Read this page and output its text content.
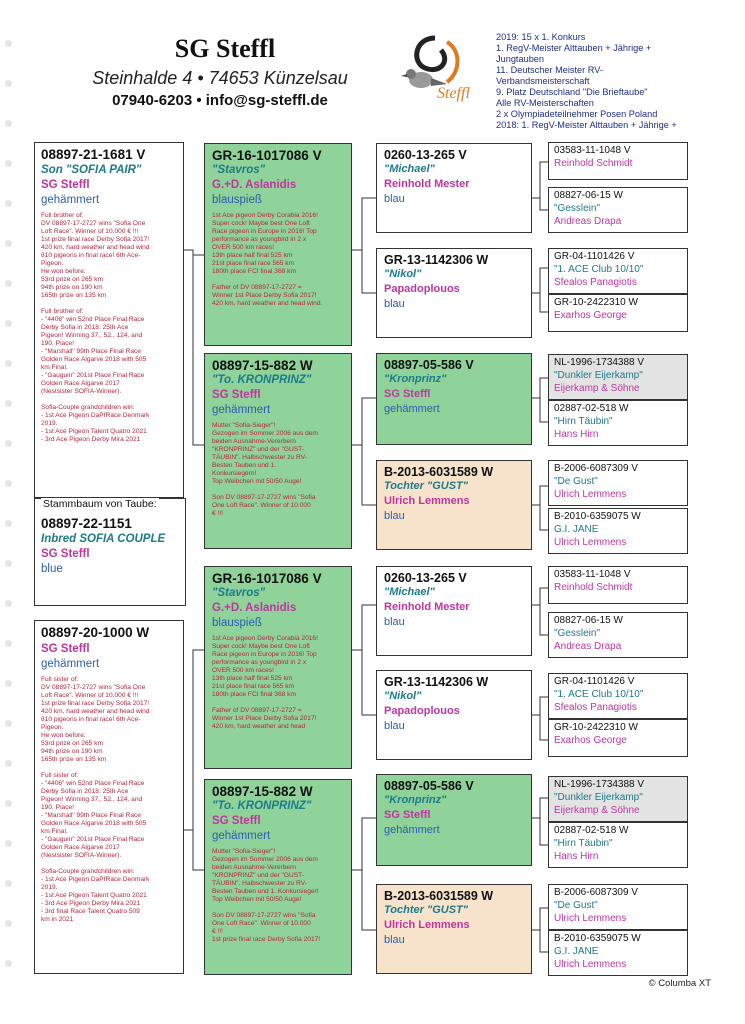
SG Steffl
Steinhalde 4 • 74653 Künzelsau
07940-6203 • info@sg-steffl.de	Steffl
2019: 15 x 1. Konkurs
1. RegV-Meister Alttauben + Jährige +
Jungtauben
11. Deutscher Meister RV-
Verbandsmeisterschaft
9. Platz Deutschland "Die Brieftaube"
Alle RV-Meisterschaften
2 x Olympiadeteilnehmer Posen Poland
2018: 1. RegV-Meister Alttauben + Jährige +
08897-21-1681 V
Son "SOFIA PAIR"
SG Steffl
gehämmert
Full brother of:
DV 08897-17-2727 wins "Sofia One
Loft Race". Winner of 10.000 € !!!
1st prize final race Derby Sofia 2017!
420 km, hard weather and head wind
810 pigeons in final race! 6th Ace-
Pigeon.
He won before:
53rd prize on 265 km
94th prize on 190 km
165th prize on 135 km

Full brother of:
- "4406" win 52nd Place Final Race
Derby Sofia in 2018. 25th Ace
Pigeon! Winning 37., 52., 124. and
190. Place!
- "Marshall" 99th Place Final Race
Golden Race Algarve 2018 with 505
km Final.
- "Gauguin" 201st Place Final Race
Golden Race Algarve 2017
(Nestsister SOFIA-Winner).

Sofia-Couple grandchildren win:
- 1st Ace Pigeon DaPIRace Denmark
2019.
- 1st Ace Pigeon Talent Quatro 2021
- 3rd Ace Pigeon Derby Mira 2021
Stammbaum von Taube:
08897-22-1151
Inbred SOFIA COUPLE
SG Steffl
blue
08897-20-1000 W
SG Steffl
gehämmert
Full sister of:
DV 08897-17-2727 wins "Sofia One
Loft Race". Winner of 10.000 € !!!
1st prize final race Derby Sofia 2017!
420 km, hard weather and head wind
810 pigeons in final race! 6th Ace-
Pigeon.
He won before:
53rd prize on 265 km
94th prize on 190 km
165th prize on 135 km

Full sister of:
- "4406" win 52nd Place Final Race
Derby Sofia in 2018. 25th Ace
Pigeon! Winning 37., 52., 124. and
190. Place!
- "Marshall" 99th Place Final Race
Golden Race Algarve 2018 with 505
km Final.
- "Gauguin" 201st Place Final Race
Golden Race Algarve 2017
(Nestsister SOFIA-Winner).

Sofia-Couple grandchildren win:
- 1st Ace Pigeon DaPIRace Denmark
2019.
- 1st Ace Pigeon Talent Quatro 2021
- 3rd Ace Pigeon Derby Mira 2021
- 3rd final Race Talent Quatro 509
km in 2021
GR-16-1017086 V
"Stavros"
G.+D. Aslanidis
blauspieß
1st Ace pigeon Derby Corabia 2016!
Super cock! Maybe best One Loft
Race pigeon in Europe in 2016! Top
performance as youngbird in 2 x
OVER 500 km races!
13th place half final 525 km
21st place final race 565 km
180th place FCI final 368 km

Father of DV 08897-17-2727 =
Winner 1st Place Derby Sofia 2017!
420 km, hard weather and head wind.
08897-15-882 W
"To. KRONPRINZ"
SG Steffl
gehämmert
Mutter "Sofia-Sieger"!
Gezogen im Sommer 2006 aus dem
beiden Ausnahme-Vererbern
"KRONPRINZ" und der "GUST-
TÄUBIN". Halbschwester zu RV-
Besten Tauben und 1.
Konkursiegern!
Top Weibchen mit 50/50 Auge!

Son DV 08897-17-2727 wins "Sofia
One Loft Race". Winner of 10.000
€ !!!
GR-16-1017086 V
"Stavros"
G.+D. Aslanidis
blauspieß
1st Ace pigeon Derby Corabia 2016!
Super cock! Maybe best One Loft
Race pigeon in Europe in 2016! Top
performance as youngbird in 2 x
OVER 500 km races!
13th place half final 525 km
21st place final race 565 km
180th place FCI final 368 km

Father of DV 08897-17-2727 =
Winner 1st Place Derby Sofia 2017!
420 km, hard weather and head
08897-15-882 W
"To. KRONPRINZ"
SG Steffl
gehämmert
Mutter "Sofia-Sieger"!
Gezogen im Sommer 2006 aus dem
beiden Ausnahme-Vererbern
"KRONPRINZ" und der "GUST-
TÄUBIN". Halbschwester zu RV-
Besten Tauben und 1. Konkursieger!
Top Weibchen mit 50/50 Auge!

Son DV 08897-17-2727 wins "Sofia
One Loft Race". Winner of 10.000
€ !!!
1st prize final race Derby Sofia 2017!
0260-13-265 V
"Michael"
Reinhold Mester
blau
GR-13-1142306 W
"Nikol"
Papadoplouos
blau
08897-05-586 V
"Kronprinz"
SG Steffl
gehämmert
B-2013-6031589 W
Tochter "GUST"
Ulrich Lemmens
blau
0260-13-265 V
"Michael"
Reinhold Mester
blau
GR-13-1142306 W
"Nikol"
Papadoplouos
blau
08897-05-586 V
"Kronprinz"
SG Steffl
gehämmert
B-2013-6031589 W
Tochter "GUST"
Ulrich Lemmens
blau
03583-11-1048 V
Reinhold Schmidt
08827-06-15 W
"Gesslein"
Andreas Drapa
GR-04-1101426 V
"1. ACE Club 10/10"
Sfealos Panagiotis
GR-10-2422310 W
Exarhos George
NL-1996-1734388 V
"Dunkler Eijerkamp"
Eijerkamp & Söhne
02887-02-518 W
"Hirn Täubin"
Hans Hirn
B-2006-6087309 V
"De Gust"
Ulrich Lemmens
B-2010-6359075 W
G.I. JANE
Ulrich Lemmens
03583-11-1048 V
Reinhold Schmidt
08827-06-15 W
"Gesslein"
Andreas Drapa
GR-04-1101426 V
"1. ACE Club 10/10"
Sfealos Panagiotis
GR-10-2422310 W
Exarhos George
NL-1996-1734388 V
"Dunkler Eijerkamp"
Eijerkamp & Söhne
02887-02-518 W
"Hirn Täubin"
Hans Hirn
B-2006-6087309 V
"De Gust"
Ulrich Lemmens
B-2010-6359075 W
G.I. JANE
Ulrich Lemmens
© Columba XT
